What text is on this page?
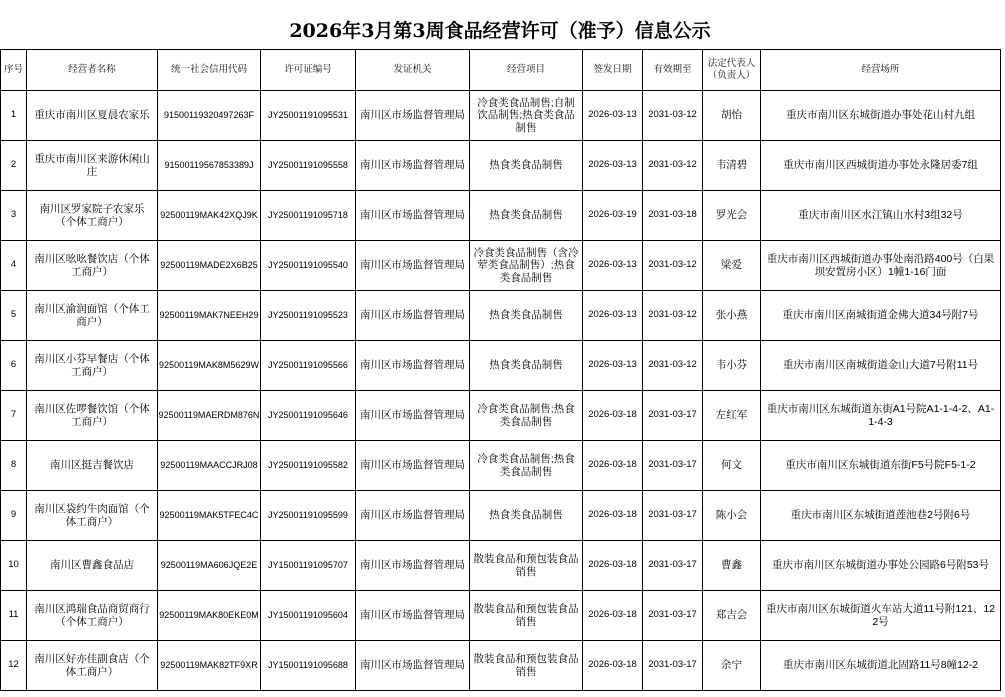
2026年3月第3周食品经营许可（准予）信息公示
序号	经营者名称	统一社会信用代码	许可证编号	发证机关	经营项目	签发日期	有效期至	法定代表人（负责人）	经营场所
1	重庆市南川区夏晨农家乐	91500119320497263F	JY25001191095531	南川区市场监督管理局	冷食类食品制售;自制饮品制售;热食类食品制售	2026-03-13	2031-03-12	胡怡	重庆市南川区东城街道办事处花山村九组
2	重庆市南川区来游休闲山庄	91500119567853389J	JY25001191095558	南川区市场监督管理局	热食类食品制售	2026-03-13	2031-03-12	韦清碧	重庆市南川区西城街道办事处永隆居委7组
3	南川区罗家院子农家乐（个体工商户）	92500119MAK42XQJ9K	JY25001191095718	南川区市场监督管理局	热食类食品制售	2026-03-19	2031-03-18	罗光会	重庆市南川区水江镇山水村3组32号
4	南川区吆吆餐饮店（个体工商户）	92500119MADE2X6B25	JY25001191095540	南川区市场监督管理局	冷食类食品制售（含冷荤类食品制售）;热食类食品制售	2026-03-13	2031-03-12	梁爱	重庆市南川区西城街道办事处南沿路400号（白果坝安置房小区）1幢1-16门面
5	南川区渝润面馆（个体工商户）	92500119MAK7NEEH29	JY25001191095523	南川区市场监督管理局	热食类食品制售	2026-03-13	2031-03-12	张小燕	重庆市南川区南城街道金佛大道34号附7号
6	南川区小芬早餐店（个体工商户）	92500119MAK8M5629W	JY25001191095566	南川区市场监督管理局	热食类食品制售	2026-03-13	2031-03-12	韦小芬	重庆市南川区南城街道金山大道7号附11号
7	南川区佐啰餐饮馆（个体工商户）	92500119MAERDM876N	JY25001191095646	南川区市场监督管理局	冷食类食品制售;热食类食品制售	2026-03-18	2031-03-17	左红军	重庆市南川区东城街道东街A1号院A1-1-4-2、A1-1-4-3
8	南川区挺吉餐饮店	92500119MAACCJRJ08	JY25001191095582	南川区市场监督管理局	冷食类食品制售;热食类食品制售	2026-03-18	2031-03-17	何文	重庆市南川区东城街道东街F5号院F5-1-2
9	南川区袋约牛肉面馆（个体工商户）	92500119MAK5TFEC4C	JY25001191095599	南川区市场监督管理局	热食类食品制售	2026-03-18	2031-03-17	陈小会	重庆市南川区东城街道莲池巷2号附6号
10	南川区曹鑫食品店	92500119MA606JQE2E	JY15001191095707	南川区市场监督管理局	散装食品和预包装食品销售	2026-03-18	2031-03-17	曹鑫	重庆市南川区东城街道办事处公园路6号附53号
11	南川区鸿瑞食品商贸商行（个体工商户）	92500119MAK80EKE0M	JY15001191095604	南川区市场监督管理局	散装食品和预包装食品销售	2026-03-18	2031-03-17	郑吉会	重庆市南川区东城街道火车站大道11号附121、122号
12	南川区好亦佳副食店（个体工商户）	92500119MAK82TF9XR	JY15001191095688	南川区市场监督管理局	散装食品和预包装食品销售	2026-03-18	2031-03-17	余宁	重庆市南川区东城街道北固路11号8幢12-2
